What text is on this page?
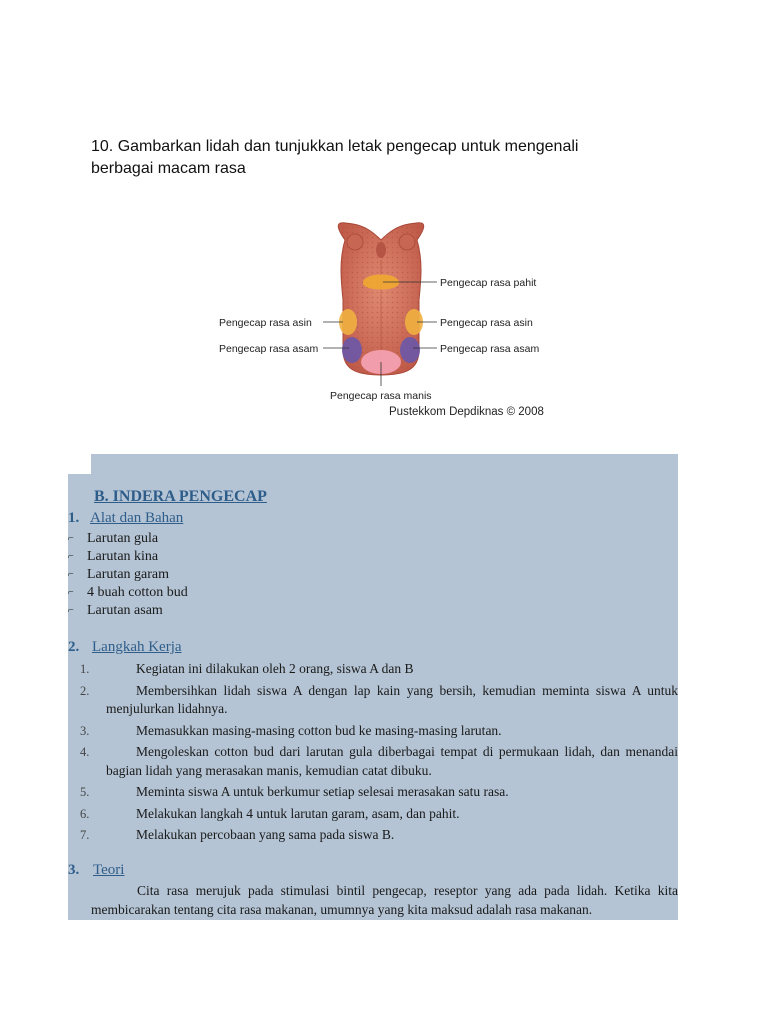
10. Gambarkan lidah dan tunjukkan letak pengecap untuk mengenali
berbagai macam rasa
Pengecap rasa pahit
Pengecap rasa asin	Pengecap rasa asin
Pengecap rasa asam	Pengecap rasa asam
Pengecap rasa manis
Pustekkom Depdiknas © 2008
B. INDERA PENGECAP
1. Alat dan Bahan
⌐ Larutan gula
⌐ Larutan kina
⌐ Larutan garam
⌐ 4 buah cotton bud
⌐ Larutan asam
2. Langkah Kerja
1.	Kegiatan ini dilakukan oleh 2 orang, siswa A dan B
2.	Membersihkan lidah siswa A dengan lap kain yang bersih, kemudian meminta siswa A untuk menjulurkan lidahnya.
3.	Memasukkan masing-masing cotton bud ke masing-masing larutan.
4.	Mengoleskan cotton bud dari larutan gula diberbagai tempat di permukaan lidah, dan menandai bagian lidah yang merasakan manis, kemudian catat dibuku.
5.	Meminta siswa A untuk berkumur setiap selesai merasakan satu rasa.
6.	Melakukan langkah 4 untuk larutan garam, asam, dan pahit.
7.	Melakukan percobaan yang sama pada siswa B.
3. Teori
Cita rasa merujuk pada stimulasi bintil pengecap, reseptor yang ada pada lidah. Ketika kita membicarakan tentang cita rasa makanan, umumnya yang kita maksud adalah rasa makanan.
